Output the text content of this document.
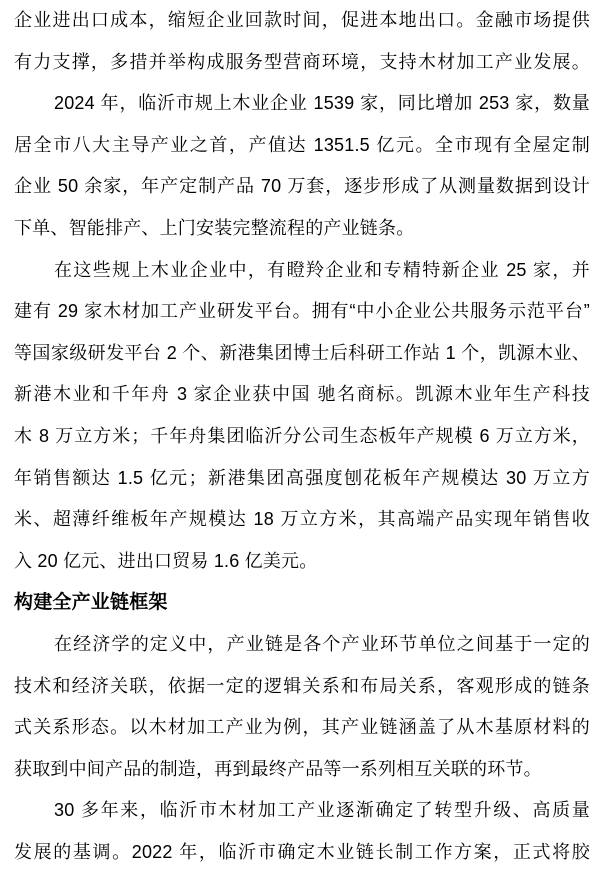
企业进出口成本，缩短企业回款时间，促进本地出口。金融市场提供
有力支撑，多措并举构成服务型营商环境，支持木材加工产业发展。
2024 年，临沂市规上木业企业 1539 家，同比增加 253 家，数量
居全市八大主导产业之首，产值达 1351.5 亿元。全市现有全屋定制
企业 50 余家，年产定制产品 70 万套，逐步形成了从测量数据到设计
下单、智能排产、上门安装完整流程的产业链条。
在这些规上木业企业中，有瞪羚企业和专精特新企业 25 家，并
建有 29 家木材加工产业研发平台。拥有“中小企业公共服务示范平台”
等国家级研发平台 2 个、新港集团博士后科研工作站 1 个，凯源木业、
新港木业和千年舟 3 家企业获中国 驰名商标。凯源木业年生产科技
木 8 万立方米；千年舟集团临沂分公司生态板年产规模 6 万立方米，
年销售额达 1.5 亿元；新港集团高强度刨花板年产规模达 30 万立方
米、超薄纤维板年产规模达 18 万立方米，其高端产品实现年销售收
入 20 亿元、进出口贸易 1.6 亿美元。
构建全产业链框架
在经济学的定义中，产业链是各个产业环节单位之间基于一定的
技术和经济关联，依据一定的逻辑关系和布局关系，客观形成的链条
式关系形态。以木材加工产业为例，其产业链涵盖了从木基原材料的
获取到中间产品的制造，再到最终产品等一系列相互关联的环节。
30 多年来，临沂市木材加工产业逐渐确定了转型升级、高质量
发展的基调。2022 年，临沂市确定木业链长制工作方案，正式将胶
